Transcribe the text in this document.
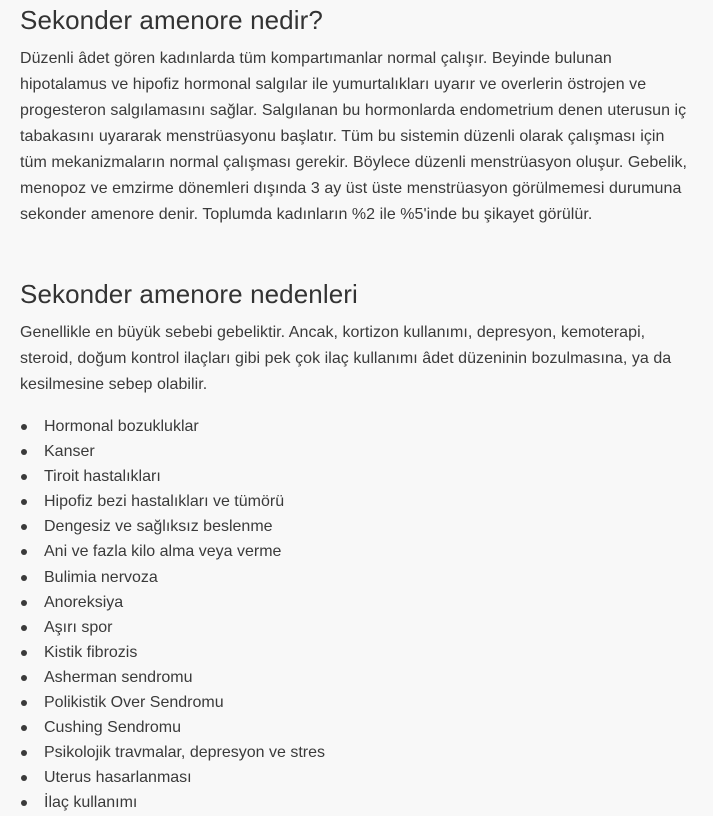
Sekonder amenore nedir?

Düzenli âdet gören kadınlarda tüm kompartımanlar normal çalışır. Beyinde bulunan hipotalamus ve hipofiz hormonal salgılar ile yumurtalıkları uyarır ve overlerin östrojen ve progesteron salgılamasını sağlar. Salgılanan bu hormonlarda endometrium denen uterusun iç tabakasını uyararak menstrüasyonu başlatır. Tüm bu sistemin düzenli olarak çalışması için tüm mekanizmaların normal çalışması gerekir. Böylece düzenli menstrüasyon oluşur. Gebelik, menopoz ve emzirme dönemleri dışında 3 ay üst üste menstrüasyon görülmemesi durumuna sekonder amenore denir. Toplumda kadınların %2 ile %5'inde bu şikayet görülür.

Sekonder amenore nedenleri

Genellikle en büyük sebebi gebeliktir. Ancak, kortizon kullanımı, depresyon, kemoterapi, steroid, doğum kontrol ilaçları gibi pek çok ilaç kullanımı âdet düzeninin bozulmasına, ya da kesilmesine sebep olabilir.

Hormonal bozukluklar
Kanser
Tiroit hastalıkları
Hipofiz bezi hastalıkları ve tümörü
Dengesiz ve sağlıksız beslenme
Ani ve fazla kilo alma veya verme
Bulimia nervoza
Anoreksiya
Aşırı spor
Kistik fibrozis
Asherman sendromu
Polikistik Over Sendromu
Cushing Sendromu
Psikolojik travmalar, depresyon ve stres
Uterus hasarlanması
İlaç kullanımı
